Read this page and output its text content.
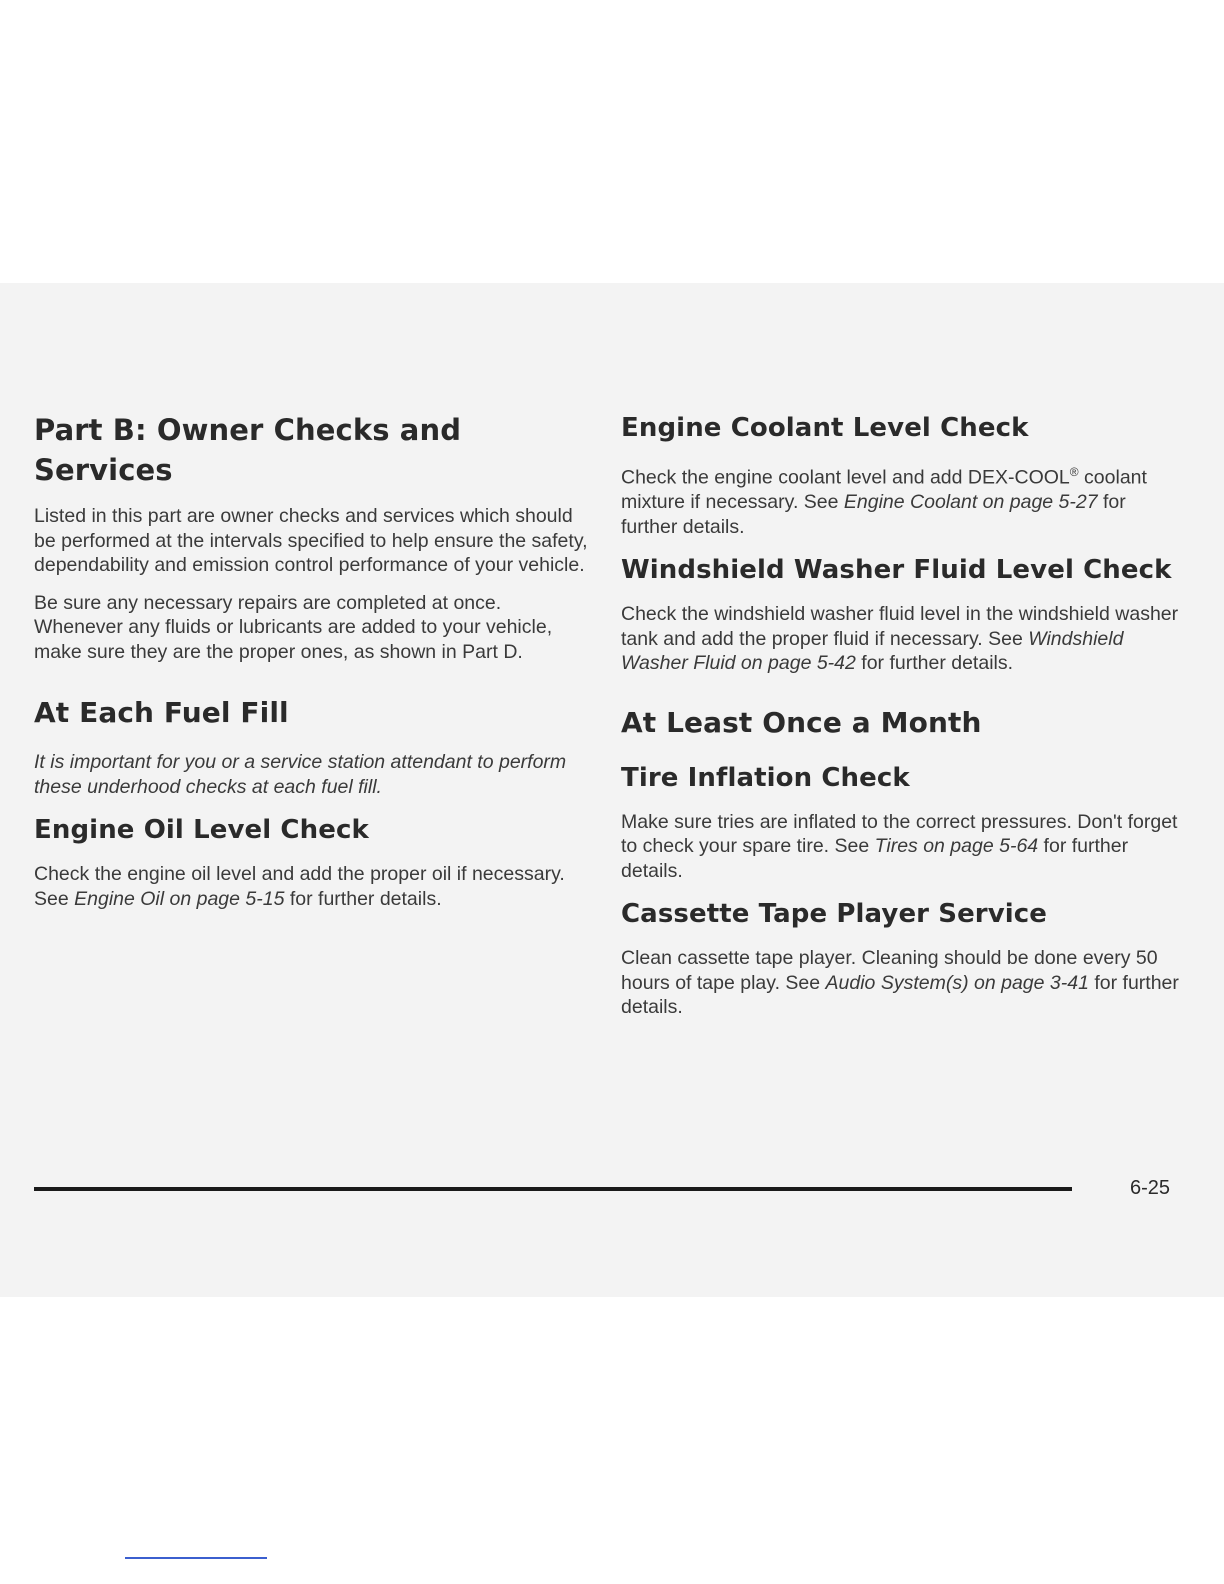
Part B: Owner Checks and Services

Listed in this part are owner checks and services which should be performed at the intervals specified to help ensure the safety, dependability and emission control performance of your vehicle.

Be sure any necessary repairs are completed at once. Whenever any fluids or lubricants are added to your vehicle, make sure they are the proper ones, as shown in Part D.

At Each Fuel Fill

It is important for you or a service station attendant to perform these underhood checks at each fuel fill.

Engine Oil Level Check

Check the engine oil level and add the proper oil if necessary. See Engine Oil on page 5-15 for further details.

Engine Coolant Level Check

Check the engine coolant level and add DEX-COOL® coolant mixture if necessary. See Engine Coolant on page 5-27 for further details.

Windshield Washer Fluid Level Check

Check the windshield washer fluid level in the windshield washer tank and add the proper fluid if necessary. See Windshield Washer Fluid on page 5-42 for further details.

At Least Once a Month
Tire Inflation Check

Make sure tries are inflated to the correct pressures. Don't forget to check your spare tire. See Tires on page 5-64 for further details.

Cassette Tape Player Service

Clean cassette tape player. Cleaning should be done every 50 hours of tape play. See Audio System(s) on page 3-41 for further details.

6-25
